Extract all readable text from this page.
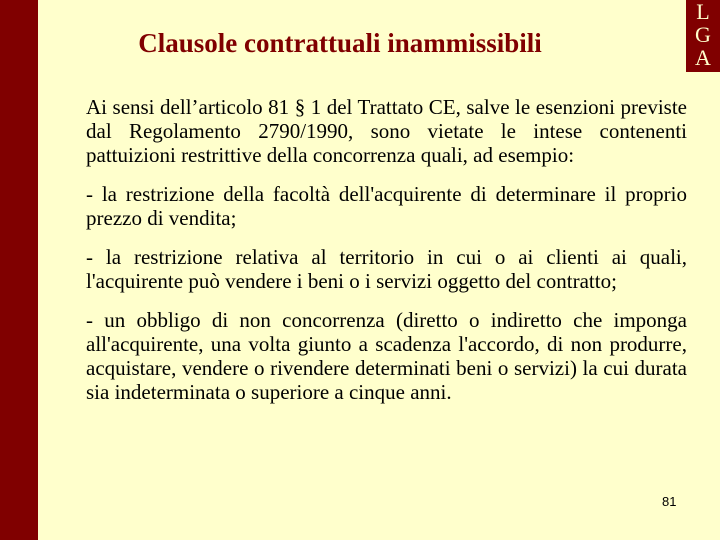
L
G
A
Clausole contrattuali inammissibili

Ai sensi dell’articolo 81 § 1 del Trattato CE, salve le esenzioni previste dal Regolamento 2790/1990, sono vietate le intese contenenti pattuizioni restrittive della concorrenza quali, ad esempio:

- la restrizione della facoltà dell'acquirente di determinare il proprio prezzo di vendita;

- la restrizione relativa al territorio in cui o ai clienti ai quali, l'acquirente può vendere i beni o i servizi oggetto del contratto;

- un obbligo di non concorrenza (diretto o indiretto che imponga all'acquirente, una volta giunto a scadenza l'accordo, di non produrre, acquistare, vendere o rivendere determinati beni o servizi) la cui durata sia indeterminata o superiore a cinque anni.

81
